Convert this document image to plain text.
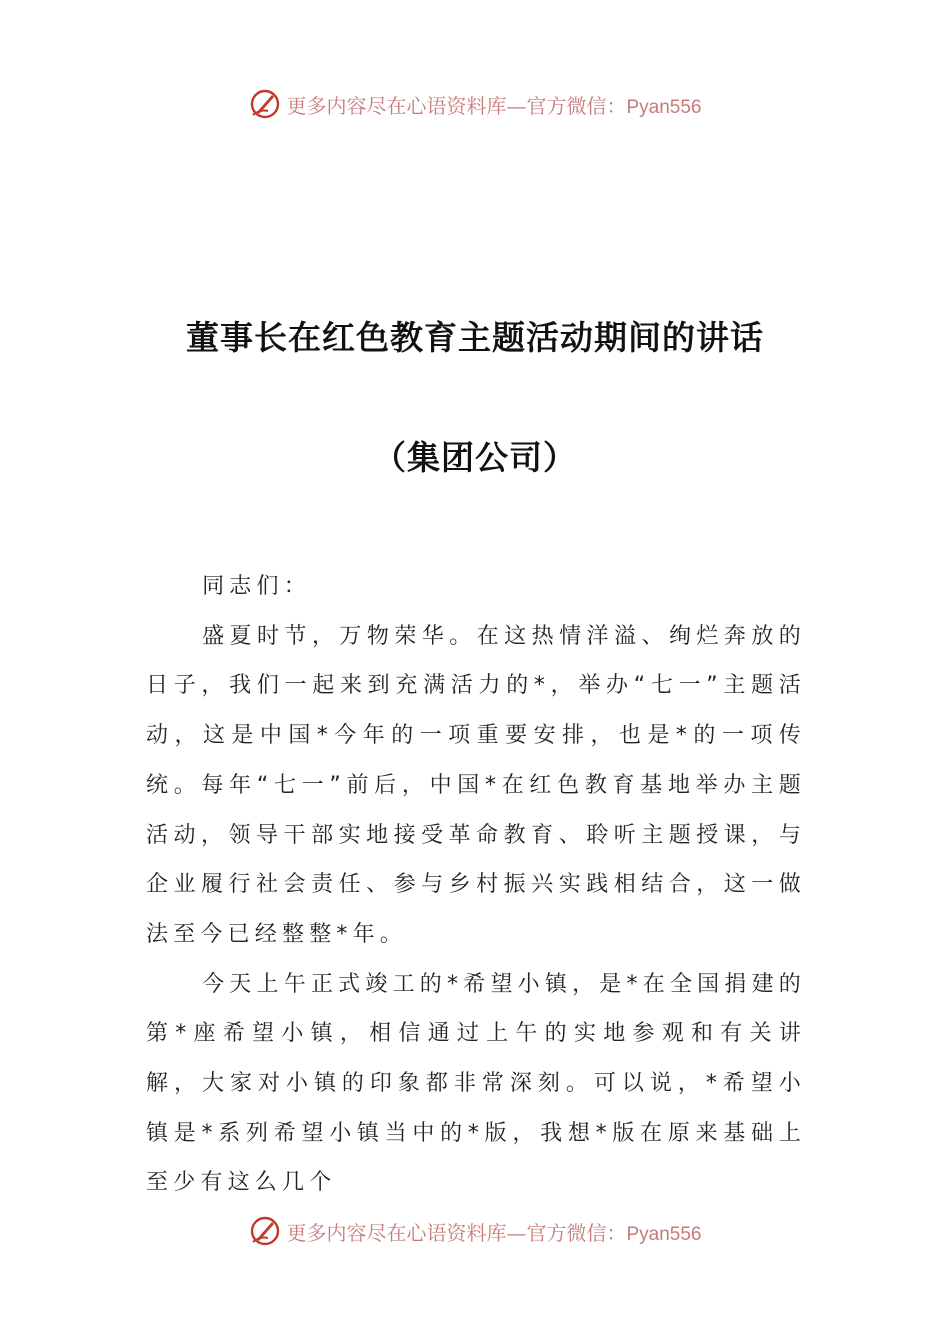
更多内容尽在心语资料库—官方微信：Pyan556
董事长在红色教育主题活动期间的讲话
（集团公司）

同志们：

盛夏时节，万物荣华。在这热情洋溢、绚烂奔放的日子，我们一起来到充满活力的*，举办“七一”主题活动，这是中国*今年的一项重要安排，也是*的一项传统。每年“七一”前后，中国*在红色教育基地举办主题活动，领导干部实地接受革命教育、聆听主题授课，与企业履行社会责任、参与乡村振兴实践相结合，这一做法至今已经整整*年。

今天上午正式竣工的*希望小镇，是*在全国捐建的第*座希望小镇，相信通过上午的实地参观和有关讲解，大家对小镇的印象都非常深刻。可以说，*希望小镇是*系列希望小镇当中的*版，我想*版在原来基础上至少有这么几个

更多内容尽在心语资料库—官方微信：Pyan556
